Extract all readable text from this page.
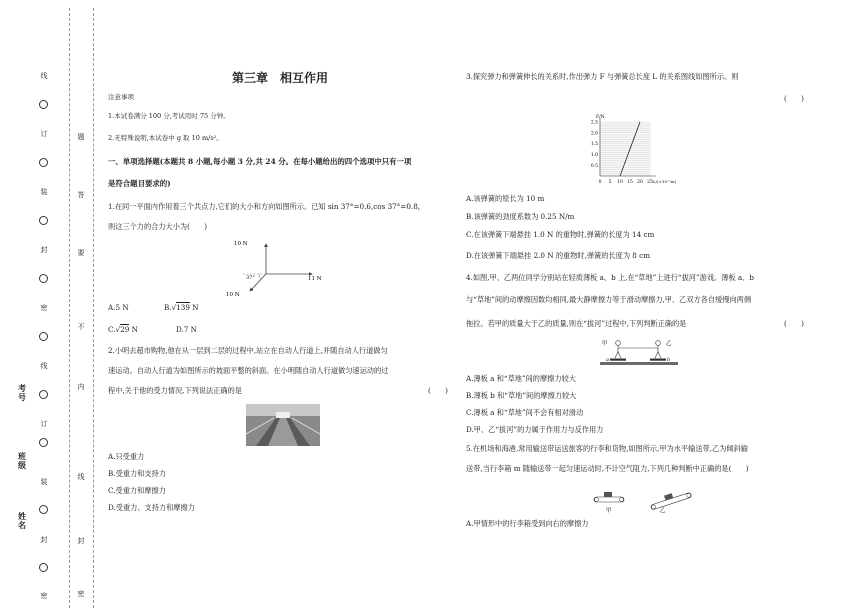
线
订
装
封
密
线
订
装
封
密
题
答
要
不
内
线
封
密
考号
班级
姓名
第三章　相互作用
注意事项
1.本试卷满分 100 分,考试用时 75 分钟。
2.无特殊说明,本试卷中 g 取 10 m/s²。
一、单项选择题(本题共 8 小题,每小题 3 分,共 24 分。在每小题给出的四个选项中只有一项
是符合题目要求的)
1.在同一平面内作用着三个共点力,它们的大小和方向如图所示。已知 sin 37°=0.6,cos 37°=0.8,
则这三个力的合力大小为(　　)
10 N
11 N
10 N
37°
A.5 N	B.√139 N
C.√29 N	D.7 N
2.小明去超市购物,他在从一层到二层的过程中,站立在自动人行道上,并随自动人行道做匀
速运动。自动人行道为如图所示的坡面平整的斜面。在小明随自动人行道做匀速运动的过
程中,关于他的受力情况,下列说法正确的是	(　　)
A.只受重力
B.受重力和支持力
C.受重力和摩擦力
D.受重力、支持力和摩擦力
3.探究弹力和弹簧伸长的关系时,作出弹力 F 与弹簧总长度 L 的关系图线如图所示。则
(　　)
F/N
L/(×10⁻²m)
0 5 10 15 20 25
0.5
1.0
1.5
2.0
2.5
A.该弹簧的原长为 10 m
B.该弹簧的劲度系数为 0.25 N/m
C.在该弹簧下端悬挂 1.0 N 的重物时,弹簧的长度为 14 cm
D.在该弹簧下端悬挂 2.0 N 的重物时,弹簧的长度为 8 cm
4.如图,甲、乙两位同学分别站在轻质薄板 a、b 上,在“草地”上进行“拔河”游戏。薄板 a、b
与“草地”间的动摩擦因数均相同,最大静摩擦力等于滑动摩擦力,甲、乙双方各自缓慢向两侧
拖拉。若甲的质量大于乙的质量,则在“拔河”过程中,下列判断正确的是	(　　)
甲	乙
a	b
A.薄板 a 和“草地”间的摩擦力较大
B.薄板 b 和“草地”间的摩擦力较大
C.薄板 a 和“草地”间不会有相对滑动
D.甲、乙“拔河”的力属于作用力与反作用力
5.在机场和海港,常用输送带运送旅客的行李和货物,如图所示,甲为水平输送带,乙为倾斜输
送带,当行李箱 m 随输送带一起匀速运动时,不计空气阻力,下列几种判断中正确的是(　　)
甲	乙
A.甲情形中的行李箱受到向右的摩擦力
